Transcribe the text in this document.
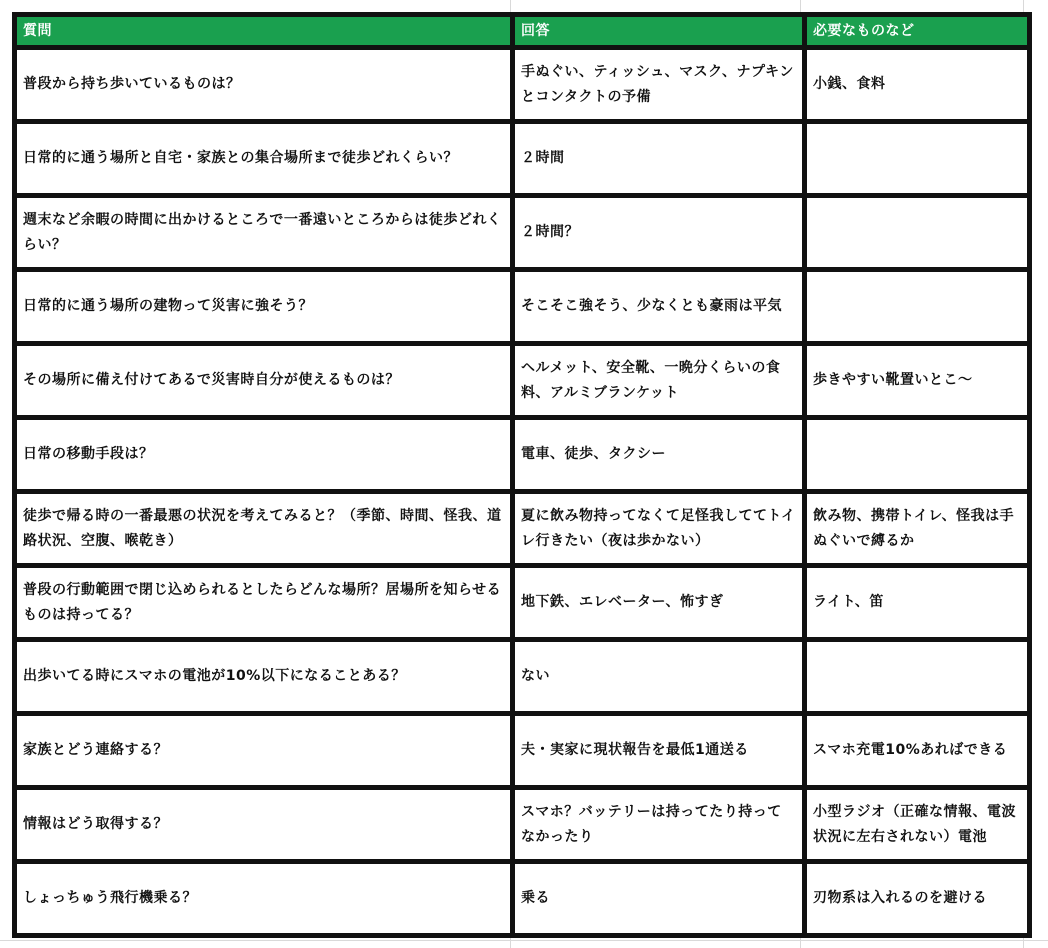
質問	回答	必要なものなど
普段から持ち歩いているものは？	手ぬぐい、ティッシュ、マスク、ナプキンとコンタクトの予備	小銭、食料
日常的に通う場所と自宅・家族との集合場所まで徒歩どれくらい？	２時間	
週末など余暇の時間に出かけるところで一番遠いところからは徒歩どれくらい？	２時間？	
日常的に通う場所の建物って災害に強そう？	そこそこ強そう、少なくとも豪雨は平気	
その場所に備え付けてあるで災害時自分が使えるものは？	ヘルメット、安全靴、一晩分くらいの食料、アルミブランケット	歩きやすい靴置いとこ〜
日常の移動手段は？	電車、徒歩、タクシー	
徒歩で帰る時の一番最悪の状況を考えてみると？（季節、時間、怪我、道路状況、空腹、喉乾き）	夏に飲み物持ってなくて足怪我しててトイレ行きたい（夜は歩かない）	飲み物、携帯トイレ、怪我は手ぬぐいで縛るか
普段の行動範囲で閉じ込められるとしたらどんな場所？居場所を知らせるものは持ってる？	地下鉄、エレベーター、怖すぎ	ライト、笛
出歩いてる時にスマホの電池が10%以下になることある？	ない	
家族とどう連絡する？	夫・実家に現状報告を最低1通送る	スマホ充電10%あればできる
情報はどう取得する？	スマホ？バッテリーは持ってたり持ってなかったり	小型ラジオ（正確な情報、電波状況に左右されない）電池
しょっちゅう飛行機乗る？	乗る	刃物系は入れるのを避ける
